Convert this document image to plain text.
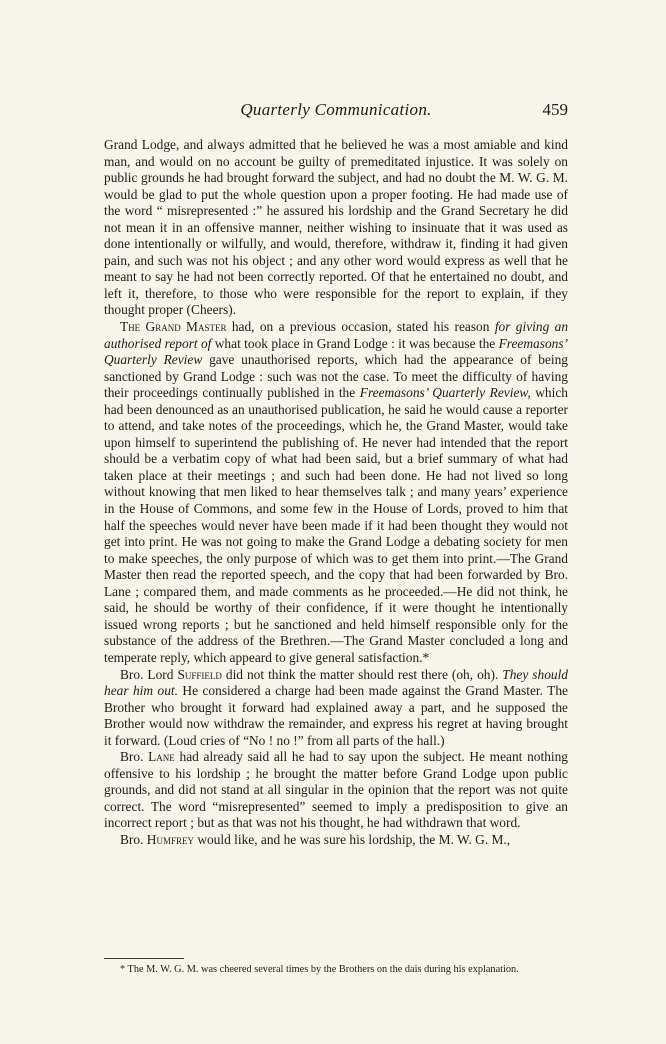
Quarterly Communication.	459

Grand Lodge, and always admitted that he believed he was a most amiable and kind man, and would on no account be guilty of premeditated injustice. It was solely on public grounds he had brought forward the subject, and had no doubt the M. W. G. M. would be glad to put the whole question upon a proper footing. He had made use of the word “ misrepresented :” he assured his lordship and the Grand Secretary he did not mean it in an offensive manner, neither wishing to insinuate that it was used as done intentionally or wilfully, and would, therefore, withdraw it, finding it had given pain, and such was not his object ; and any other word would express as well that he meant to say he had not been correctly reported. Of that he entertained no doubt, and left it, therefore, to those who were responsible for the report to explain, if they thought proper (Cheers).

The Grand Master had, on a previous occasion, stated his reason for giving an authorised report of what took place in Grand Lodge : it was because the Freemasons’ Quarterly Review gave unauthorised reports, which had the appearance of being sanctioned by Grand Lodge : such was not the case. To meet the difficulty of having their proceedings continually published in the Freemasons’ Quarterly Review, which had been denounced as an unauthorised publication, he said he would cause a reporter to attend, and take notes of the proceedings, which he, the Grand Master, would take upon himself to superintend the publishing of. He never had intended that the report should be a verbatim copy of what had been said, but a brief summary of what had taken place at their meetings ; and such had been done. He had not lived so long without knowing that men liked to hear themselves talk ; and many years’ experience in the House of Commons, and some few in the House of Lords, proved to him that half the speeches would never have been made if it had been thought they would not get into print. He was not going to make the Grand Lodge a debating society for men to make speeches, the only purpose of which was to get them into print.—The Grand Master then read the reported speech, and the copy that had been forwarded by Bro. Lane ; compared them, and made comments as he proceeded.—He did not think, he said, he should be worthy of their confidence, if it were thought he intentionally issued wrong reports ; but he sanctioned and held himself responsible only for the substance of the address of the Brethren.—The Grand Master concluded a long and temperate reply, which appeard to give general satisfaction.*

Bro. Lord Suffield did not think the matter should rest there (oh, oh). They should hear him out. He considered a charge had been made against the Grand Master. The Brother who brought it forward had explained away a part, and he supposed the Brother would now withdraw the remainder, and express his regret at having brought it forward. (Loud cries of “No ! no !” from all parts of the hall.)

Bro. Lane had already said all he had to say upon the subject. He meant nothing offensive to his lordship ; he brought the matter before Grand Lodge upon public grounds, and did not stand at all singular in the opinion that the report was not quite correct. The word “misrepresented” seemed to imply a predisposition to give an incorrect report ; but as that was not his thought, he had withdrawn that word.

Bro. Humfrey would like, and he was sure his lordship, the M. W. G. M.,

* The M. W. G. M. was cheered several times by the Brothers on the dais during his explanation.
